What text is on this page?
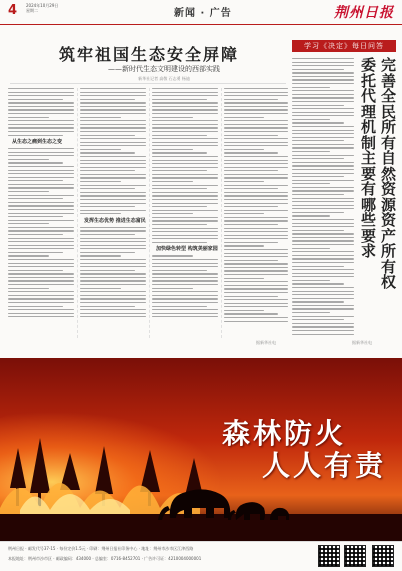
4 2024年10月29日
星期二	新闻 · 广告	荆州日报
筑牢祖国生态安全屏障
——新时代生态文明建设的西部实践
新华社记者 高敬 石志勇 杨迪
从生态之痛到生态之变
发挥生态优势 推进生态富民
加快绿色转型 构筑美丽家园
学习《决定》每日问答
完善全民所有自然资源资产所有权
委托代理机制主要有哪些要求
据新华社电	据新华社电
森林防火
人人有责
荆州日报 · 邮发代号37-15 · 每份定价1.5元 · 印刷：荆州日报社印务中心 · 地址：荆州市沙市区江津西路
本报地址：荆州市沙市区 · 邮政编码：434000 · 总编室：0716-8452701 · 广告许可证：4210004000001
